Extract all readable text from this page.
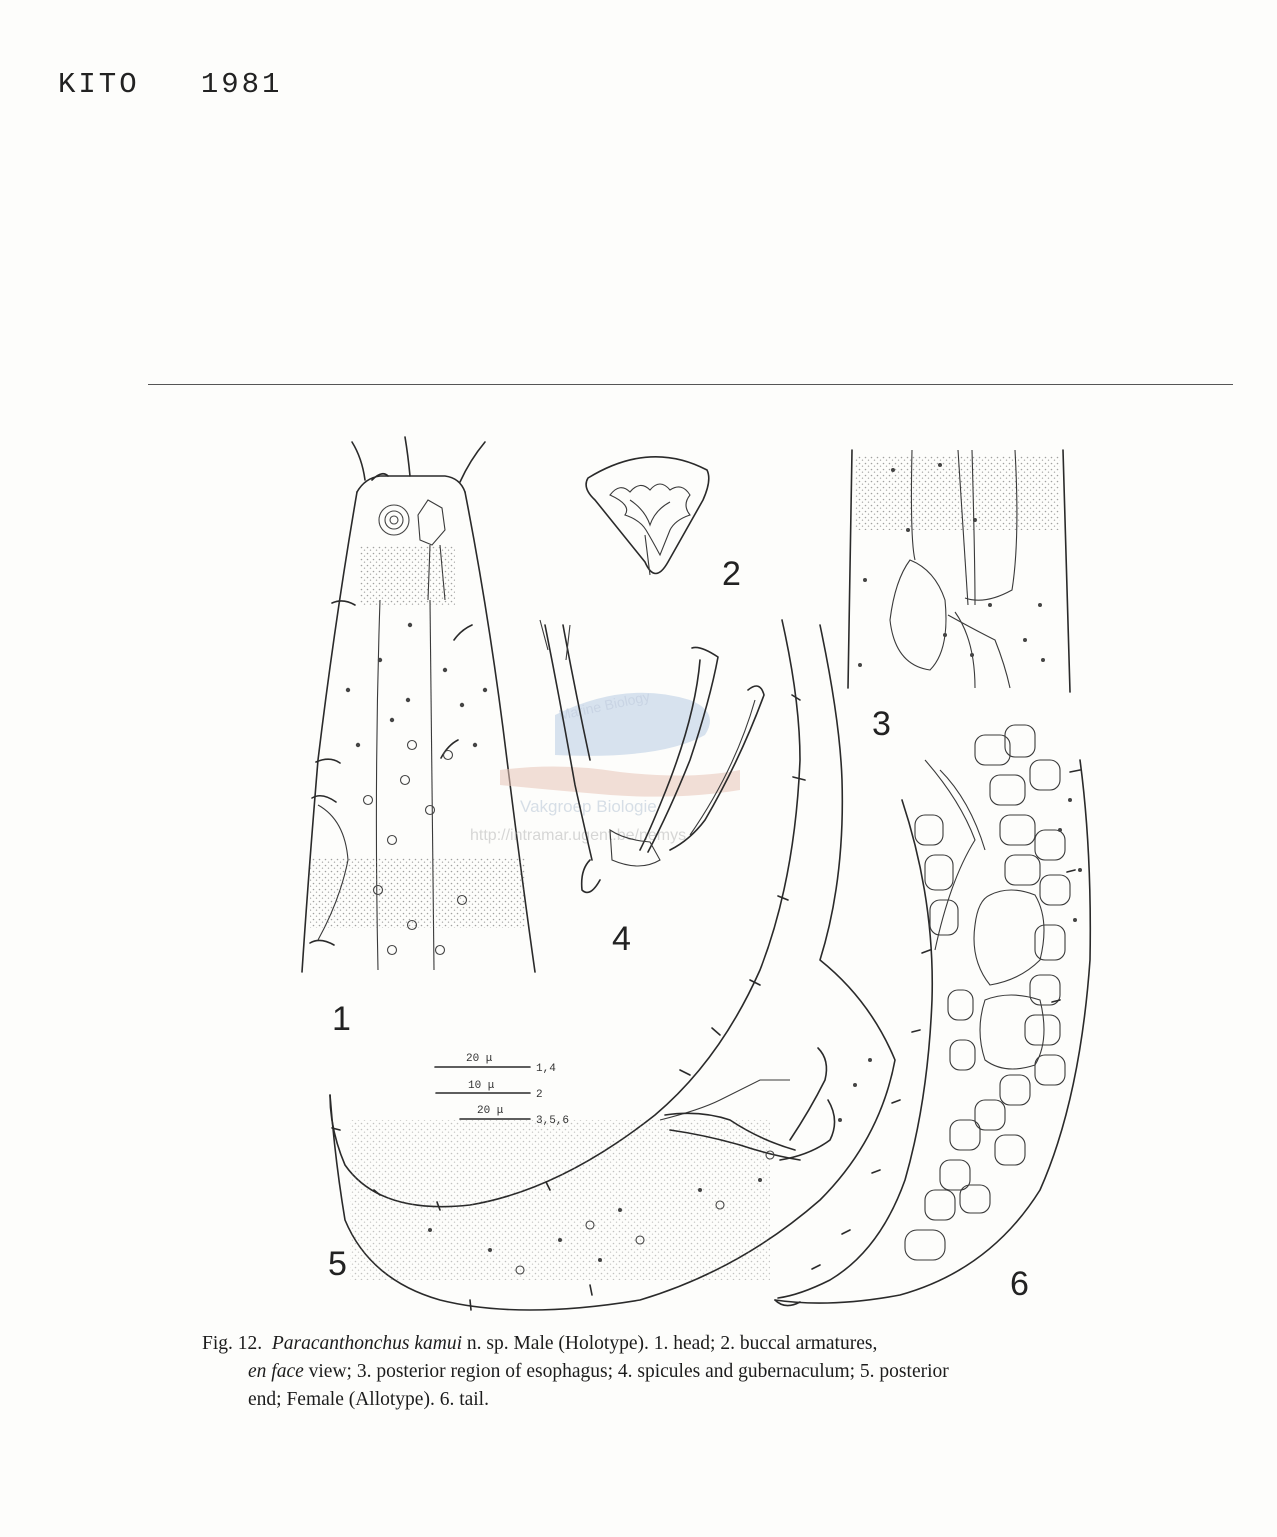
KITO 1981
1
2
3
Marine Biology
Vakgroep Biologie
http://intramar.ugent.be/nemys
4
5
20 μ
1,4
10 μ
2
20 μ
3,5,6
6
Fig. 12. Paracanthonchus kamui n. sp. Male (Holotype). 1. head; 2. buccal armatures,
en face view; 3. posterior region of esophagus; 4. spicules and gubernaculum; 5. posterior
end; Female (Allotype). 6. tail.
